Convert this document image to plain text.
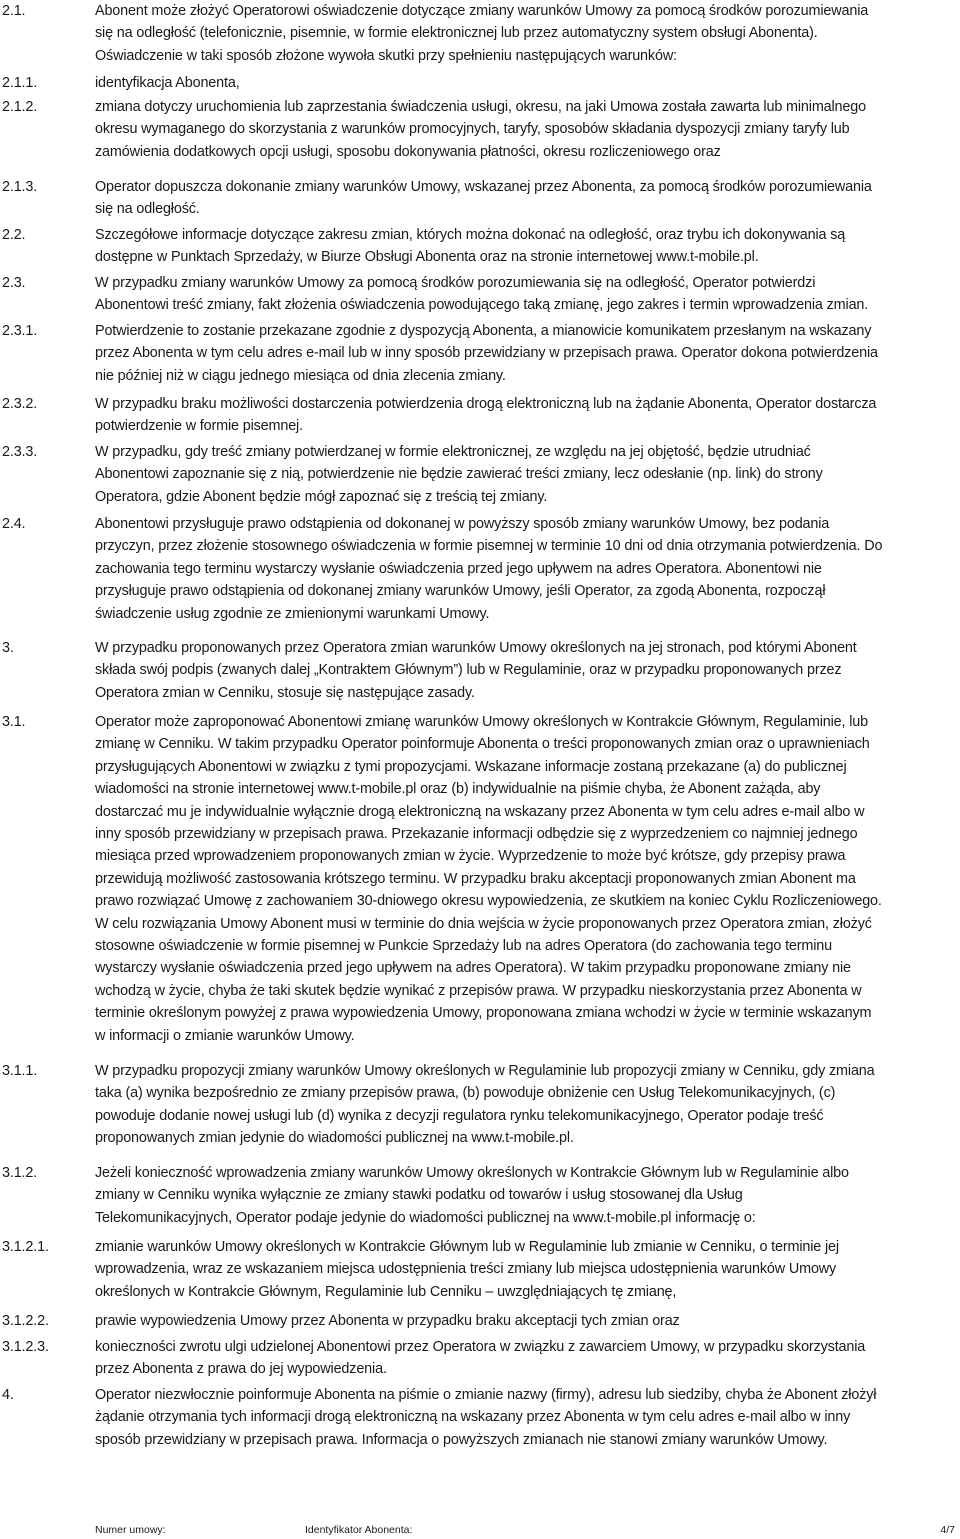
2.1.	Abonent może złożyć Operatorowi oświadczenie dotyczące zmiany warunków Umowy za pomocą środków porozumiewania
się na odległość (telefonicznie, pisemnie, w formie elektronicznej lub przez automatyczny system obsługi Abonenta).
Oświadczenie w taki sposób złożone wywoła skutki przy spełnieniu następujących warunków:
2.1.1.	identyfikacja Abonenta,
2.1.2.	zmiana dotyczy uruchomienia lub zaprzestania świadczenia usługi, okresu, na jaki Umowa została zawarta lub minimalnego
okresu wymaganego do skorzystania z warunków promocyjnych, taryfy, sposobów składania dyspozycji zmiany taryfy lub
zamówienia dodatkowych opcji usługi, sposobu dokonywania płatności, okresu rozliczeniowego oraz
2.1.3.	Operator dopuszcza dokonanie zmiany warunków Umowy, wskazanej przez Abonenta, za pomocą środków porozumiewania
się na odległość.
2.2.	Szczegółowe informacje dotyczące zakresu zmian, których można dokonać na odległość, oraz trybu ich dokonywania są
dostępne w Punktach Sprzedaży, w Biurze Obsługi Abonenta oraz na stronie internetowej www.t-mobile.pl.
2.3.	W przypadku zmiany warunków Umowy za pomocą środków porozumiewania się na odległość, Operator potwierdzi
Abonentowi treść zmiany, fakt złożenia oświadczenia powodującego taką zmianę, jego zakres i termin wprowadzenia zmian.
2.3.1.	Potwierdzenie to zostanie przekazane zgodnie z dyspozycją Abonenta, a mianowicie komunikatem przesłanym na wskazany
przez Abonenta w tym celu adres e-mail lub w inny sposób przewidziany w przepisach prawa. Operator dokona potwierdzenia
nie później niż w ciągu jednego miesiąca od dnia zlecenia zmiany.
2.3.2.	W przypadku braku możliwości dostarczenia potwierdzenia drogą elektroniczną lub na żądanie Abonenta, Operator dostarcza
potwierdzenie w formie pisemnej.
2.3.3.	W przypadku, gdy treść zmiany potwierdzanej w formie elektronicznej, ze względu na jej objętość, będzie utrudniać
Abonentowi zapoznanie się z nią, potwierdzenie nie będzie zawierać treści zmiany, lecz odesłanie (np. link) do strony
Operatora, gdzie Abonent będzie mógł zapoznać się z treścią tej zmiany.
2.4.	Abonentowi przysługuje prawo odstąpienia od dokonanej w powyższy sposób zmiany warunków Umowy, bez podania
przyczyn, przez złożenie stosownego oświadczenia w formie pisemnej w terminie 10 dni od dnia otrzymania potwierdzenia. Do
zachowania tego terminu wystarczy wysłanie oświadczenia przed jego upływem na adres Operatora. Abonentowi nie
przysługuje prawo odstąpienia od dokonanej zmiany warunków Umowy, jeśli Operator, za zgodą Abonenta, rozpoczął
świadczenie usług zgodnie ze zmienionymi warunkami Umowy.
3.	W przypadku proponowanych przez Operatora zmian warunków Umowy określonych na jej stronach, pod którymi Abonent
składa swój podpis (zwanych dalej „Kontraktem Głównym”) lub w Regulaminie, oraz w przypadku proponowanych przez
Operatora zmian w Cenniku, stosuje się następujące zasady.
3.1.	Operator może zaproponować Abonentowi zmianę warunków Umowy określonych w Kontrakcie Głównym, Regulaminie, lub
zmianę w Cenniku. W takim przypadku Operator poinformuje Abonenta o treści proponowanych zmian oraz o uprawnieniach
przysługujących Abonentowi w związku z tymi propozycjami. Wskazane informacje zostaną przekazane (a) do publicznej
wiadomości na stronie internetowej www.t-mobile.pl oraz (b) indywidualnie na piśmie chyba, że Abonent zażąda, aby
dostarczać mu je indywidualnie wyłącznie drogą elektroniczną na wskazany przez Abonenta w tym celu adres e-mail albo w
inny sposób przewidziany w przepisach prawa. Przekazanie informacji odbędzie się z wyprzedzeniem co najmniej jednego
miesiąca przed wprowadzeniem proponowanych zmian w życie. Wyprzedzenie to może być krótsze, gdy przepisy prawa
przewidują możliwość zastosowania krótszego terminu. W przypadku braku akceptacji proponowanych zmian Abonent ma
prawo rozwiązać Umowę z zachowaniem 30-dniowego okresu wypowiedzenia, ze skutkiem na koniec Cyklu Rozliczeniowego.
W celu rozwiązania Umowy Abonent musi w terminie do dnia wejścia w życie proponowanych przez Operatora zmian, złożyć
stosowne oświadczenie w formie pisemnej w Punkcie Sprzedaży lub na adres Operatora (do zachowania tego terminu
wystarczy wysłanie oświadczenia przed jego upływem na adres Operatora). W takim przypadku proponowane zmiany nie
wchodzą w życie, chyba że taki skutek będzie wynikać z przepisów prawa. W przypadku nieskorzystania przez Abonenta w
terminie określonym powyżej z prawa wypowiedzenia Umowy, proponowana zmiana wchodzi w życie w terminie wskazanym
w informacji o zmianie warunków Umowy.
3.1.1.	W przypadku propozycji zmiany warunków Umowy określonych w Regulaminie lub propozycji zmiany w Cenniku, gdy zmiana
taka (a) wynika bezpośrednio ze zmiany przepisów prawa, (b) powoduje obniżenie cen Usług Telekomunikacyjnych, (c)
powoduje dodanie nowej usługi lub (d) wynika z decyzji regulatora rynku telekomunikacyjnego, Operator podaje treść
proponowanych zmian jedynie do wiadomości publicznej na www.t-mobile.pl.
3.1.2.	Jeżeli konieczność wprowadzenia zmiany warunków Umowy określonych w Kontrakcie Głównym lub w Regulaminie albo
zmiany w Cenniku wynika wyłącznie ze zmiany stawki podatku od towarów i usług stosowanej dla Usług
Telekomunikacyjnych, Operator podaje jedynie do wiadomości publicznej na www.t-mobile.pl informację o:
3.1.2.1.	zmianie warunków Umowy określonych w Kontrakcie Głównym lub w Regulaminie lub zmianie w Cenniku, o terminie jej
wprowadzenia, wraz ze wskazaniem miejsca udostępnienia treści zmiany lub miejsca udostępnienia warunków Umowy
określonych w Kontrakcie Głównym, Regulaminie lub Cenniku – uwzględniających tę zmianę,
3.1.2.2.	prawie wypowiedzenia Umowy przez Abonenta w przypadku braku akceptacji tych zmian oraz
3.1.2.3.	konieczności zwrotu ulgi udzielonej Abonentowi przez Operatora w związku z zawarciem Umowy, w przypadku skorzystania
przez Abonenta z prawa do jej wypowiedzenia.
4.	Operator niezwłocznie poinformuje Abonenta na piśmie o zmianie nazwy (firmy), adresu lub siedziby, chyba że Abonent złożył
żądanie otrzymania tych informacji drogą elektroniczną na wskazany przez Abonenta w tym celu adres e-mail albo w inny
sposób przewidziany w przepisach prawa. Informacja o powyższych zmianach nie stanowi zmiany warunków Umowy.
Numer umowy:	Identyfikator Abonenta:	4/7
